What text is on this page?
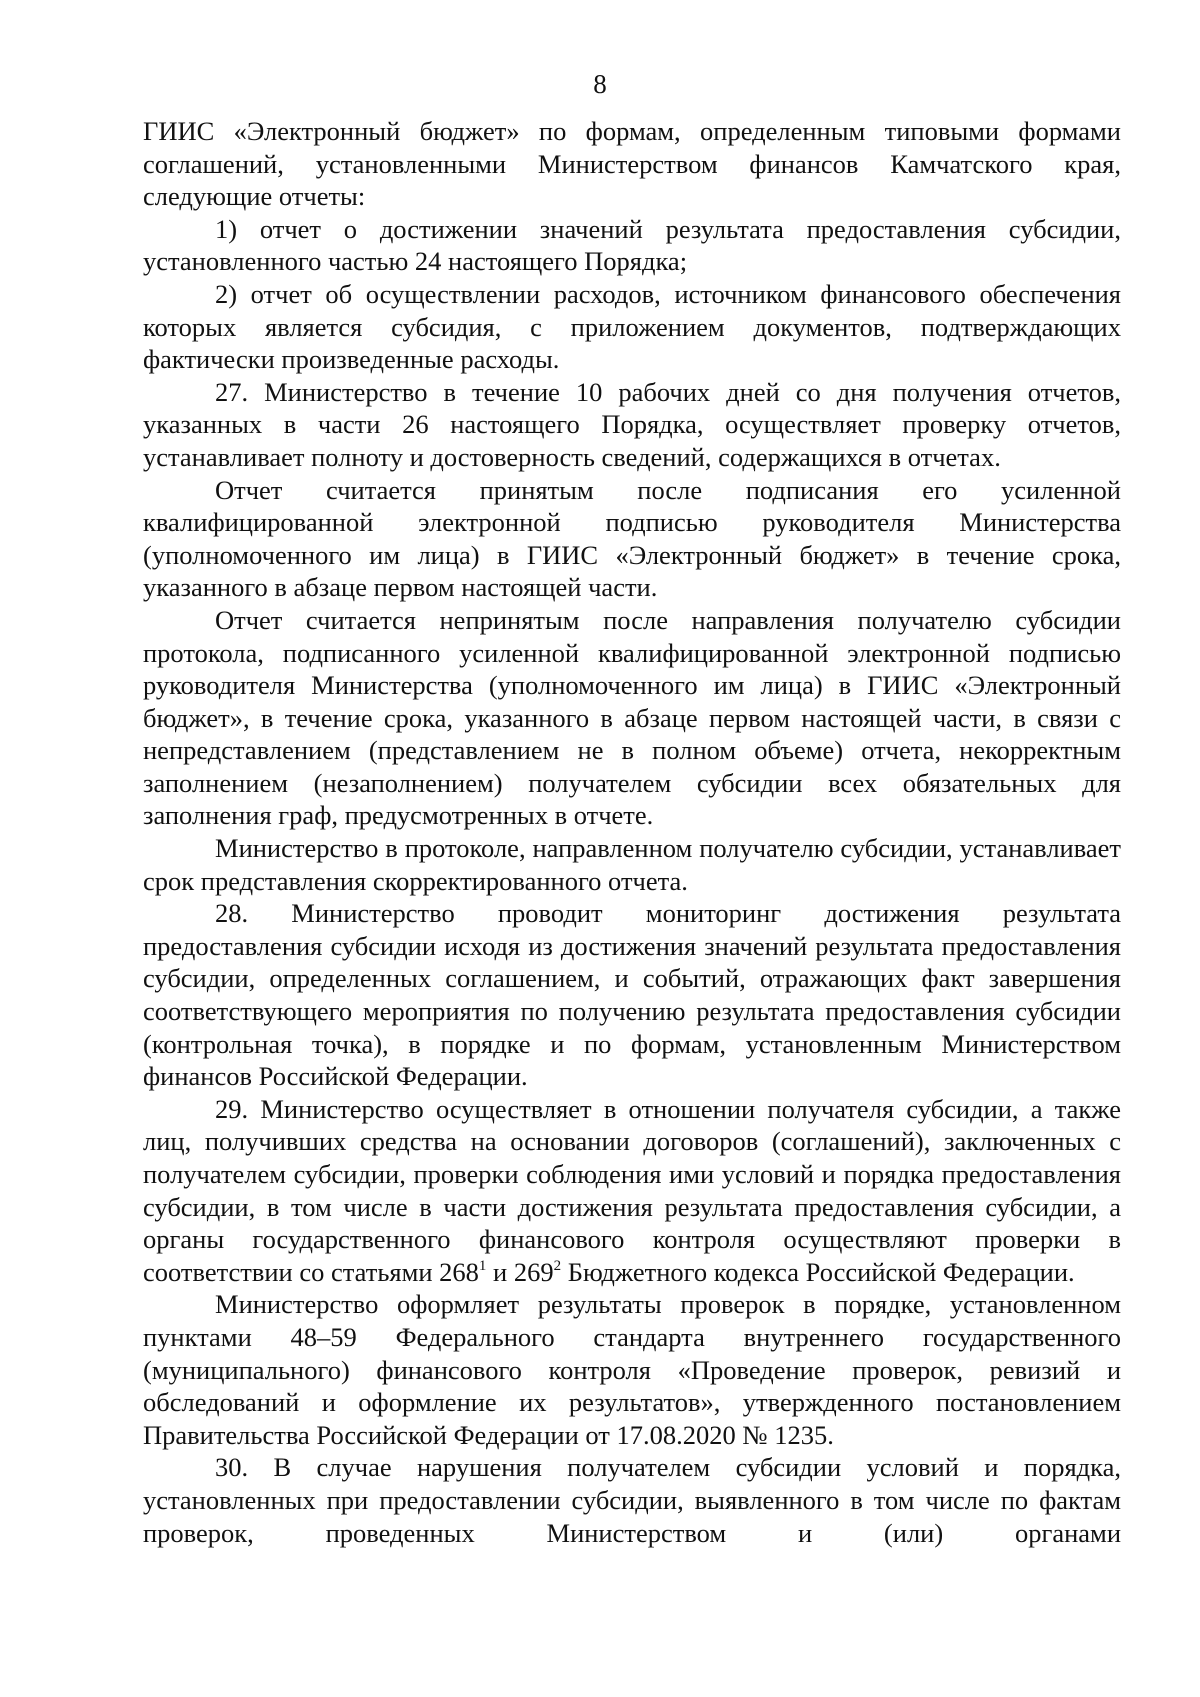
8

ГИИС «Электронный бюджет» по формам, определенным типовыми формами соглашений, установленными Министерством финансов Камчатского края, следующие отчеты:

1) отчет о достижении значений результата предоставления субсидии, установленного частью 24 настоящего Порядка;

2) отчет об осуществлении расходов, источником финансового обеспечения которых является субсидия, с приложением документов, подтверждающих фактически произведенные расходы.

27. Министерство в течение 10 рабочих дней со дня получения отчетов, указанных в части 26 настоящего Порядка, осуществляет проверку отчетов, устанавливает полноту и достоверность сведений, содержащихся в отчетах.

Отчет считается принятым после подписания его усиленной квалифицированной электронной подписью руководителя Министерства (уполномоченного им лица) в ГИИС «Электронный бюджет» в течение срока, указанного в абзаце первом настоящей части.

Отчет считается непринятым после направления получателю субсидии протокола, подписанного усиленной квалифицированной электронной подписью руководителя Министерства (уполномоченного им лица) в ГИИС «Электронный бюджет», в течение срока, указанного в абзаце первом настоящей части, в связи с непредставлением (представлением не в полном объеме) отчета, некорректным заполнением (незаполнением) получателем субсидии всех обязательных для заполнения граф, предусмотренных в отчете.

Министерство в протоколе, направленном получателю субсидии, устанавливает срок представления скорректированного отчета.

28. Министерство проводит мониторинг достижения результата предоставления субсидии исходя из достижения значений результата предоставления субсидии, определенных соглашением, и событий, отражающих факт завершения соответствующего мероприятия по получению результата предоставления субсидии (контрольная точка), в порядке и по формам, установленным Министерством финансов Российской Федерации.

29. Министерство осуществляет в отношении получателя субсидии, а также лиц, получивших средства на основании договоров (соглашений), заключенных с получателем субсидии, проверки соблюдения ими условий и порядка предоставления субсидии, в том числе в части достижения результата предоставления субсидии, а органы государственного финансового контроля осуществляют проверки в соответствии со статьями $268^1$ и $269^2$ Бюджетного кодекса Российской Федерации.

Министерство оформляет результаты проверок в порядке, установленном пунктами 48–59 Федерального стандарта внутреннего государственного (муниципального) финансового контроля «Проведение проверок, ревизий и обследований и оформление их результатов», утвержденного постановлением Правительства Российской Федерации от 17.08.2020 № 1235.

30. В случае нарушения получателем субсидии условий и порядка, установленных при предоставлении субсидии, выявленного в том числе по фактам проверок, проведенных Министерством и (или) органами
